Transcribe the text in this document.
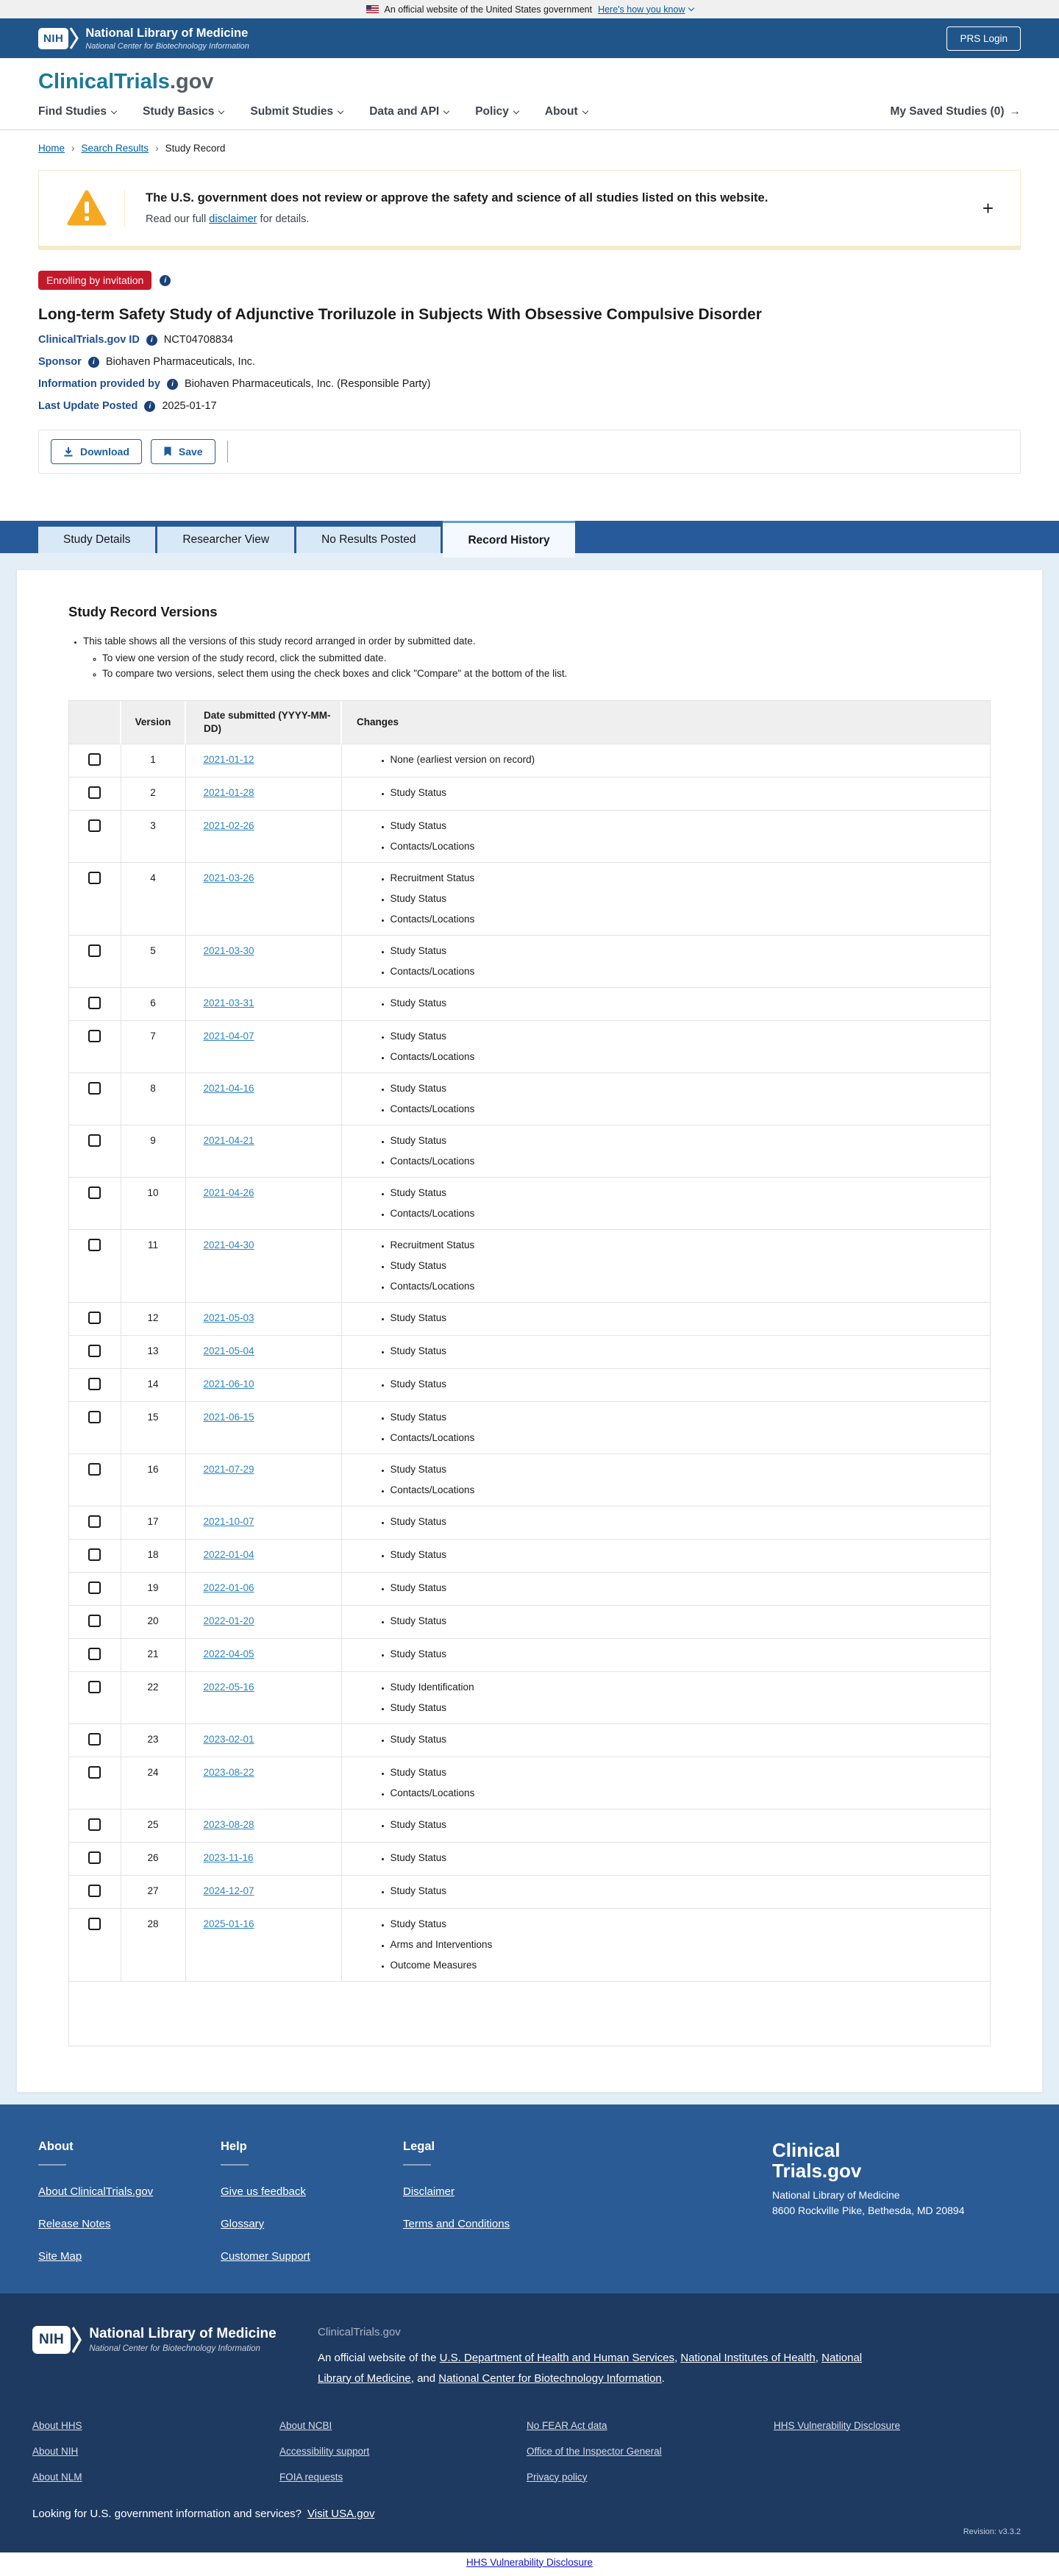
An official website of the United States government Here's how you know
NIH	National Library of Medicine
National Center for Biotechnology Information
PRS Login
ClinicalTrials.gov
Find Studies	Study Basics	Submit Studies	Data and API	Policy	About	My Saved Studies (0) →
Home › Search Results › Study Record
The U.S. government does not review or approve the safety and science of all studies listed on this website.
Read our full disclaimer for details.	+
Enrolling by invitation
i
Long-term Safety Study of Adjunctive Troriluzole in Subjects With Obsessive Compulsive Disorder
ClinicalTrials.gov ID i NCT04708834
Sponsor i Biohaven Pharmaceuticals, Inc.
Information provided by i Biohaven Pharmaceuticals, Inc. (Responsible Party)
Last Update Posted i 2025-01-17
Download	Save
Study Details	Researcher View	No Results Posted	Record History
Study Record Versions
• This table shows all the versions of this study record arranged in order by submitted date.
◦ To view one version of the study record, click the submitted date.
◦ To compare two versions, select them using the check boxes and click "Compare" at the bottom of the list.
	Version	Date submitted (YYYY-MM-DD)	Changes
	1	2021-01-12	
•None (earliest version on record)

	2	2021-01-28	
•Study Status

	3	2021-02-26	
•Study Status
• Contacts/Locations

	4	2021-03-26	
•Recruitment Status
• Study Status
• Contacts/Locations

	5	2021-03-30	
•Study Status
• Contacts/Locations

	6	2021-03-31	
•Study Status

	7	2021-04-07	
•Study Status
• Contacts/Locations

	8	2021-04-16	
•Study Status
• Contacts/Locations

	9	2021-04-21	
•Study Status
• Contacts/Locations

	10	2021-04-26	
•Study Status
• Contacts/Locations

	11	2021-04-30	
•Recruitment Status
• Study Status
• Contacts/Locations

	12	2021-05-03	
•Study Status

	13	2021-05-04	
•Study Status

	14	2021-06-10	
•Study Status

	15	2021-06-15	
•Study Status
• Contacts/Locations

	16	2021-07-29	
•Study Status
• Contacts/Locations

	17	2021-10-07	
•Study Status

	18	2022-01-04	
•Study Status

	19	2022-01-06	
•Study Status

	20	2022-01-20	
•Study Status

	21	2022-04-05	
•Study Status

	22	2022-05-16	
•Study Identification
• Study Status

	23	2023-02-01	
•Study Status

	24	2023-08-22	
•Study Status
• Contacts/Locations

	25	2023-08-28	
•Study Status

	26	2023-11-16	
•Study Status

	27	2024-12-07	
•Study Status

	28	2025-01-16	
•Study Status
• Arms and Interventions
• Outcome Measures
About
About ClinicalTrials.gov
Release Notes
Site Map
Help
Give us feedback
Glossary
Customer Support
Legal
Disclaimer
Terms and Conditions
Clinical
Trials.gov
National Library of Medicine
8600 Rockville Pike, Bethesda, MD 20894
NIH	National Library of Medicine
National Center for Biotechnology Information
ClinicalTrials.gov

An official website of the U.S. Department of Health and Human Services, National Institutes of Health, National Library of Medicine, and National Center for Biotechnology Information.

About HHS
About NIH
About NLM
About NCBI
Accessibility support
FOIA requests
No FEAR Act data
Office of the Inspector General
Privacy policy
HHS Vulnerability Disclosure
Looking for U.S. government information and services? Visit USA.gov
Revision: v3.3.2
HHS Vulnerability Disclosure
